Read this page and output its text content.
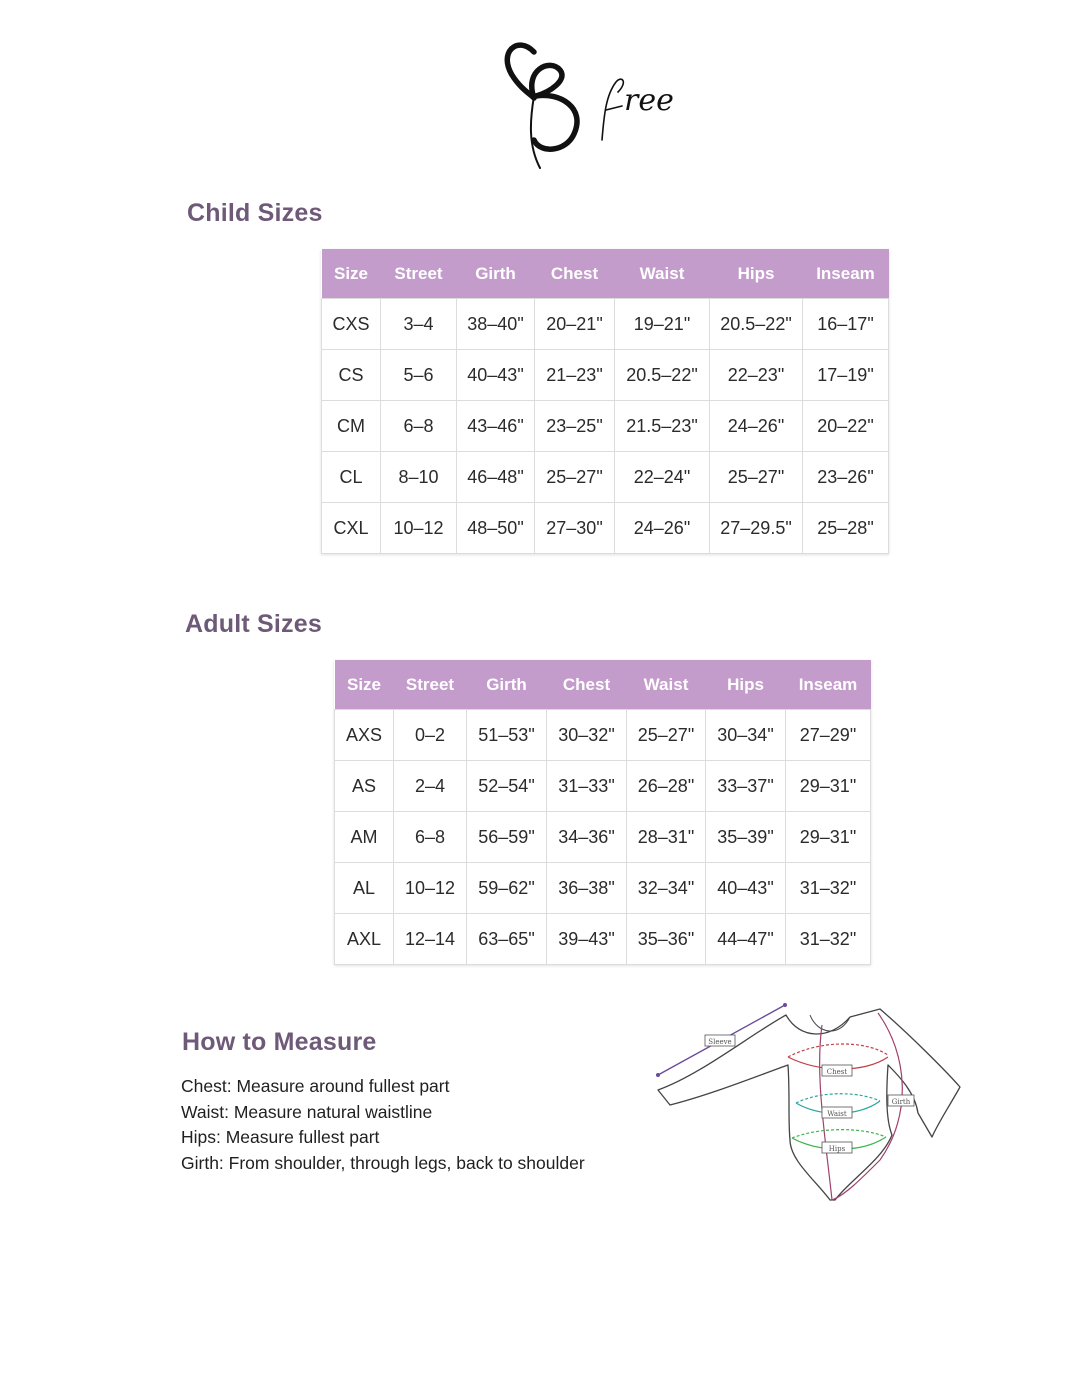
ree
Child Sizes
Size	Street	Girth	Chest	Waist	Hips	Inseam
CXS	3–4	38–40"	20–21"	19–21"	20.5–22"	16–17"
CS	5–6	40–43"	21–23"	20.5–22"	22–23"	17–19"
CM	6–8	43–46"	23–25"	21.5–23"	24–26"	20–22"
CL	8–10	46–48"	25–27"	22–24"	25–27"	23–26"
CXL	10–12	48–50"	27–30"	24–26"	27–29.5"	25–28"
Adult Sizes
Size	Street	Girth	Chest	Waist	Hips	Inseam
AXS	0–2	51–53"	30–32"	25–27"	30–34"	27–29"
AS	2–4	52–54"	31–33"	26–28"	33–37"	29–31"
AM	6–8	56–59"	34–36"	28–31"	35–39"	29–31"
AL	10–12	59–62"	36–38"	32–34"	40–43"	31–32"
AXL	12–14	63–65"	39–43"	35–36"	44–47"	31–32"
How to Measure
Chest: Measure around fullest part
Waist: Measure natural waistline
Hips: Measure fullest part
Girth: From shoulder, through legs, back to shoulder
Sleeve
Girth
Chest
Waist
Hips
